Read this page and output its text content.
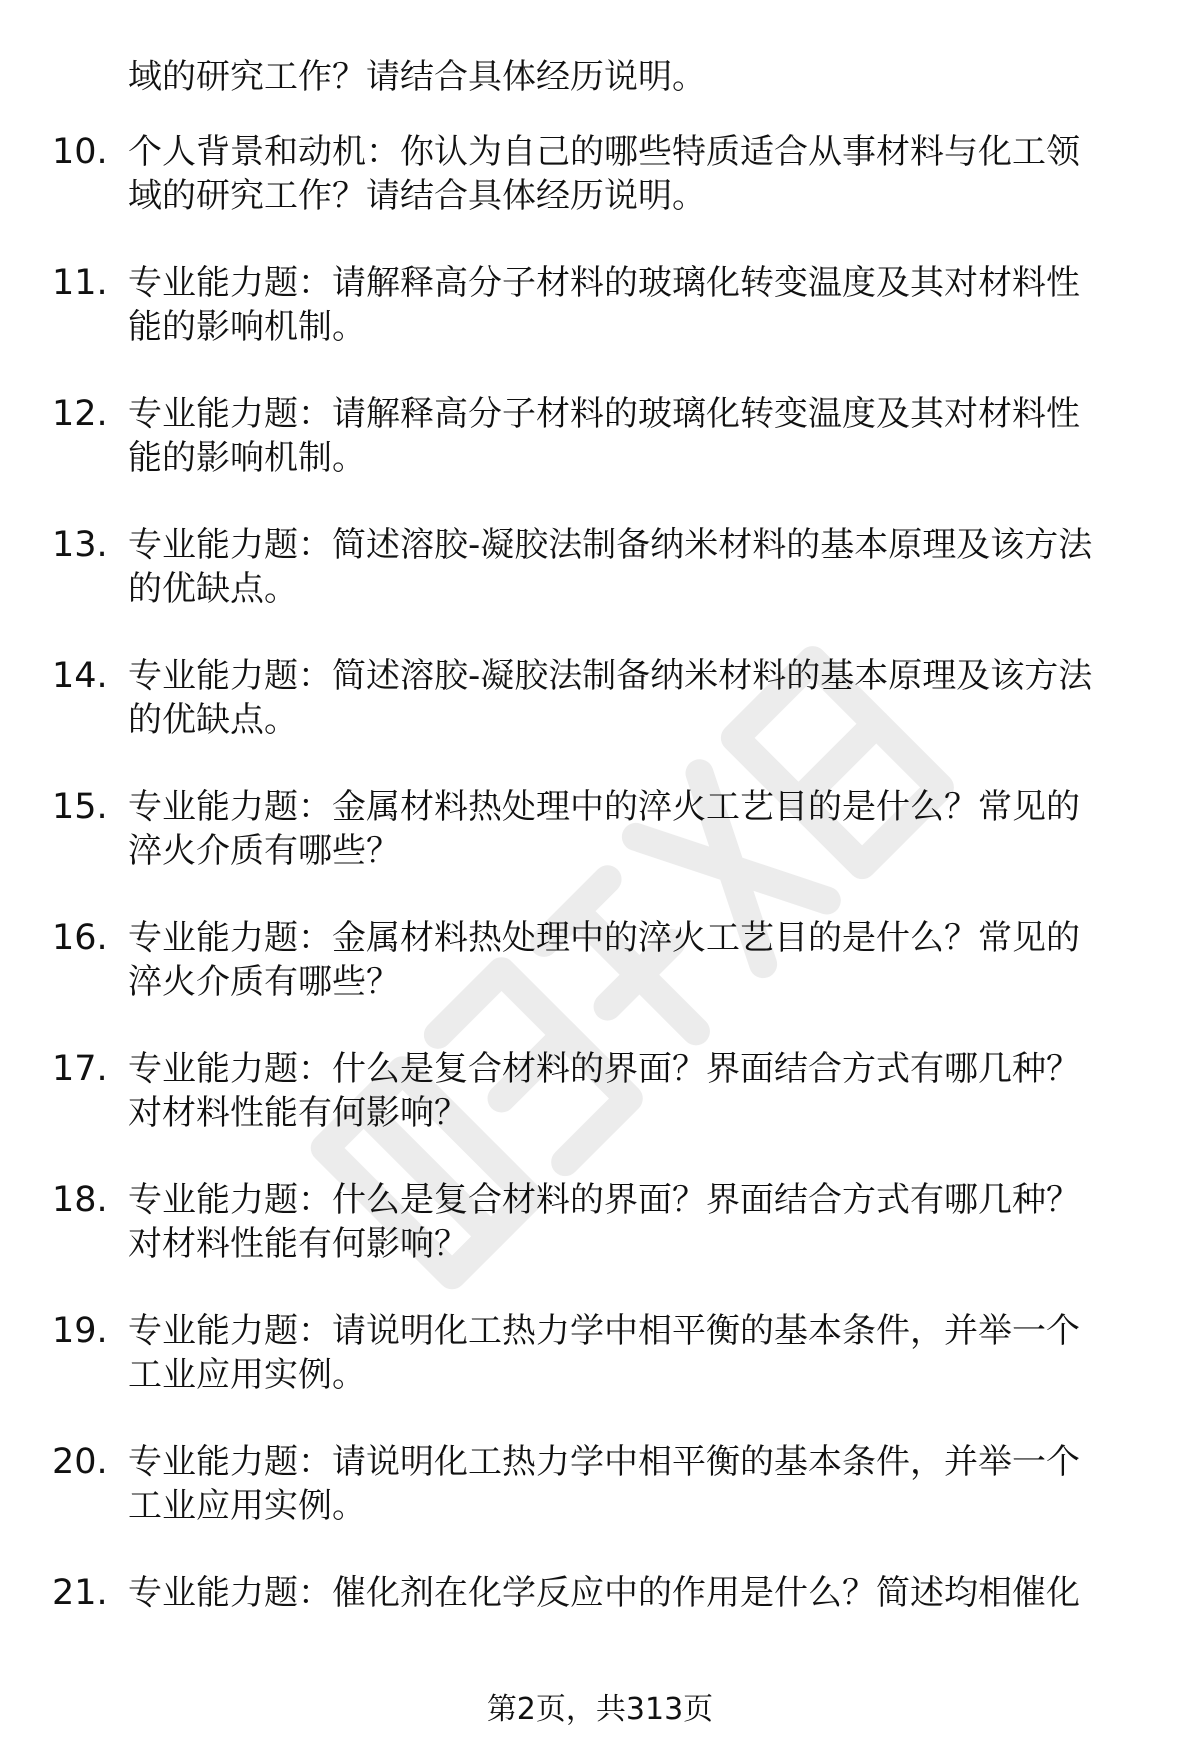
域的研究工作？请结合具体经历说明。
10. 个人背景和动机：你认为自己的哪些特质适合从事材料与化工领
域的研究工作？请结合具体经历说明。
11. 专业能力题：请解释高分子材料的玻璃化转变温度及其对材料性
能的影响机制。
12. 专业能力题：请解释高分子材料的玻璃化转变温度及其对材料性
能的影响机制。
13. 专业能力题：简述溶胶-凝胶法制备纳米材料的基本原理及该方法
的优缺点。
14. 专业能力题：简述溶胶-凝胶法制备纳米材料的基本原理及该方法
的优缺点。
15. 专业能力题：金属材料热处理中的淬火工艺目的是什么？常见的
淬火介质有哪些？
16. 专业能力题：金属材料热处理中的淬火工艺目的是什么？常见的
淬火介质有哪些？
17. 专业能力题：什么是复合材料的界面？界面结合方式有哪几种？
对材料性能有何影响？
18. 专业能力题：什么是复合材料的界面？界面结合方式有哪几种？
对材料性能有何影响？
19. 专业能力题：请说明化工热力学中相平衡的基本条件，并举一个
工业应用实例。
20. 专业能力题：请说明化工热力学中相平衡的基本条件，并举一个
工业应用实例。
21. 专业能力题：催化剂在化学反应中的作用是什么？简述均相催化
第2页，共313页
